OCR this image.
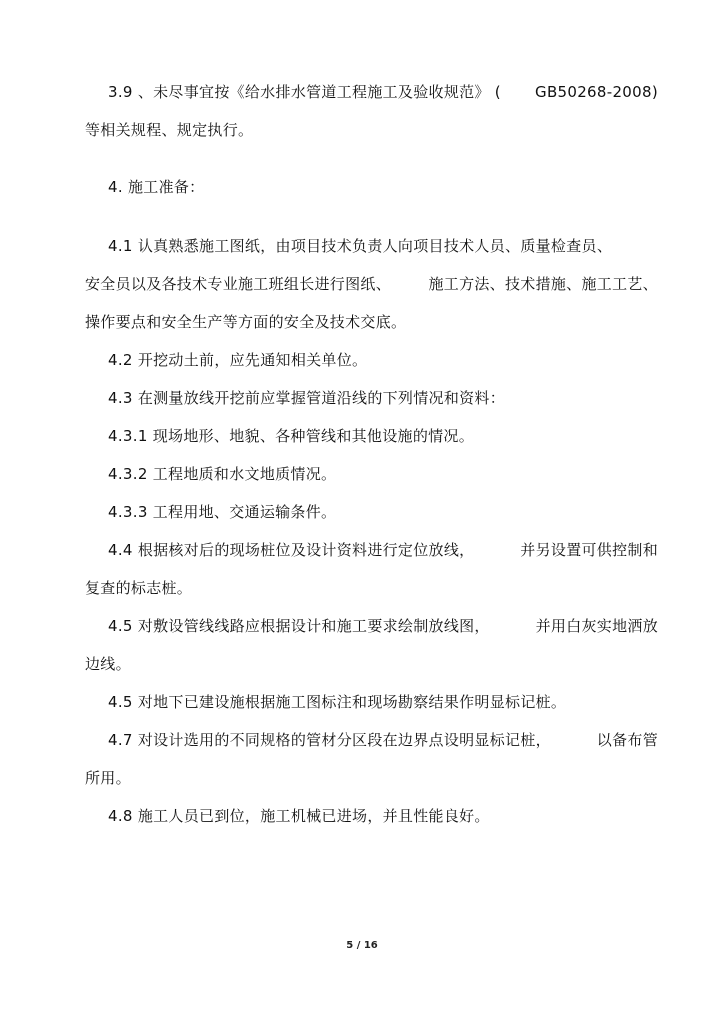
3.9 、未尽事宜按《给水排水管道工程施工及验收规范》 ( GB50268-2008)
等相关规程、规定执行。
4. 施工准备：
4.1 认真熟悉施工图纸，由项目技术负责人向项目技术人员、质量检查员、
安全员以及各技术专业施工班组长进行图纸、 施工方法、技术措施、施工工艺、
操作要点和安全生产等方面的安全及技术交底。
4.2 开挖动土前，应先通知相关单位。
4.3 在测量放线开挖前应掌握管道沿线的下列情况和资料：
4.3.1 现场地形、地貌、各种管线和其他设施的情况。
4.3.2 工程地质和水文地质情况。
4.3.3 工程用地、交通运输条件。
4.4 根据核对后的现场桩位及设计资料进行定位放线，	并另设置可供控制和
复查的标志桩。
4.5 对敷设管线线路应根据设计和施工要求绘制放线图，	并用白灰实地洒放
边线。
4.5 对地下已建设施根据施工图标注和现场勘察结果作明显标记桩。
4.7 对设计选用的不同规格的管材分区段在边界点设明显标记桩，	以备布管
所用。
4.8 施工人员已到位，施工机械已进场，并且性能良好。
5 / 16
